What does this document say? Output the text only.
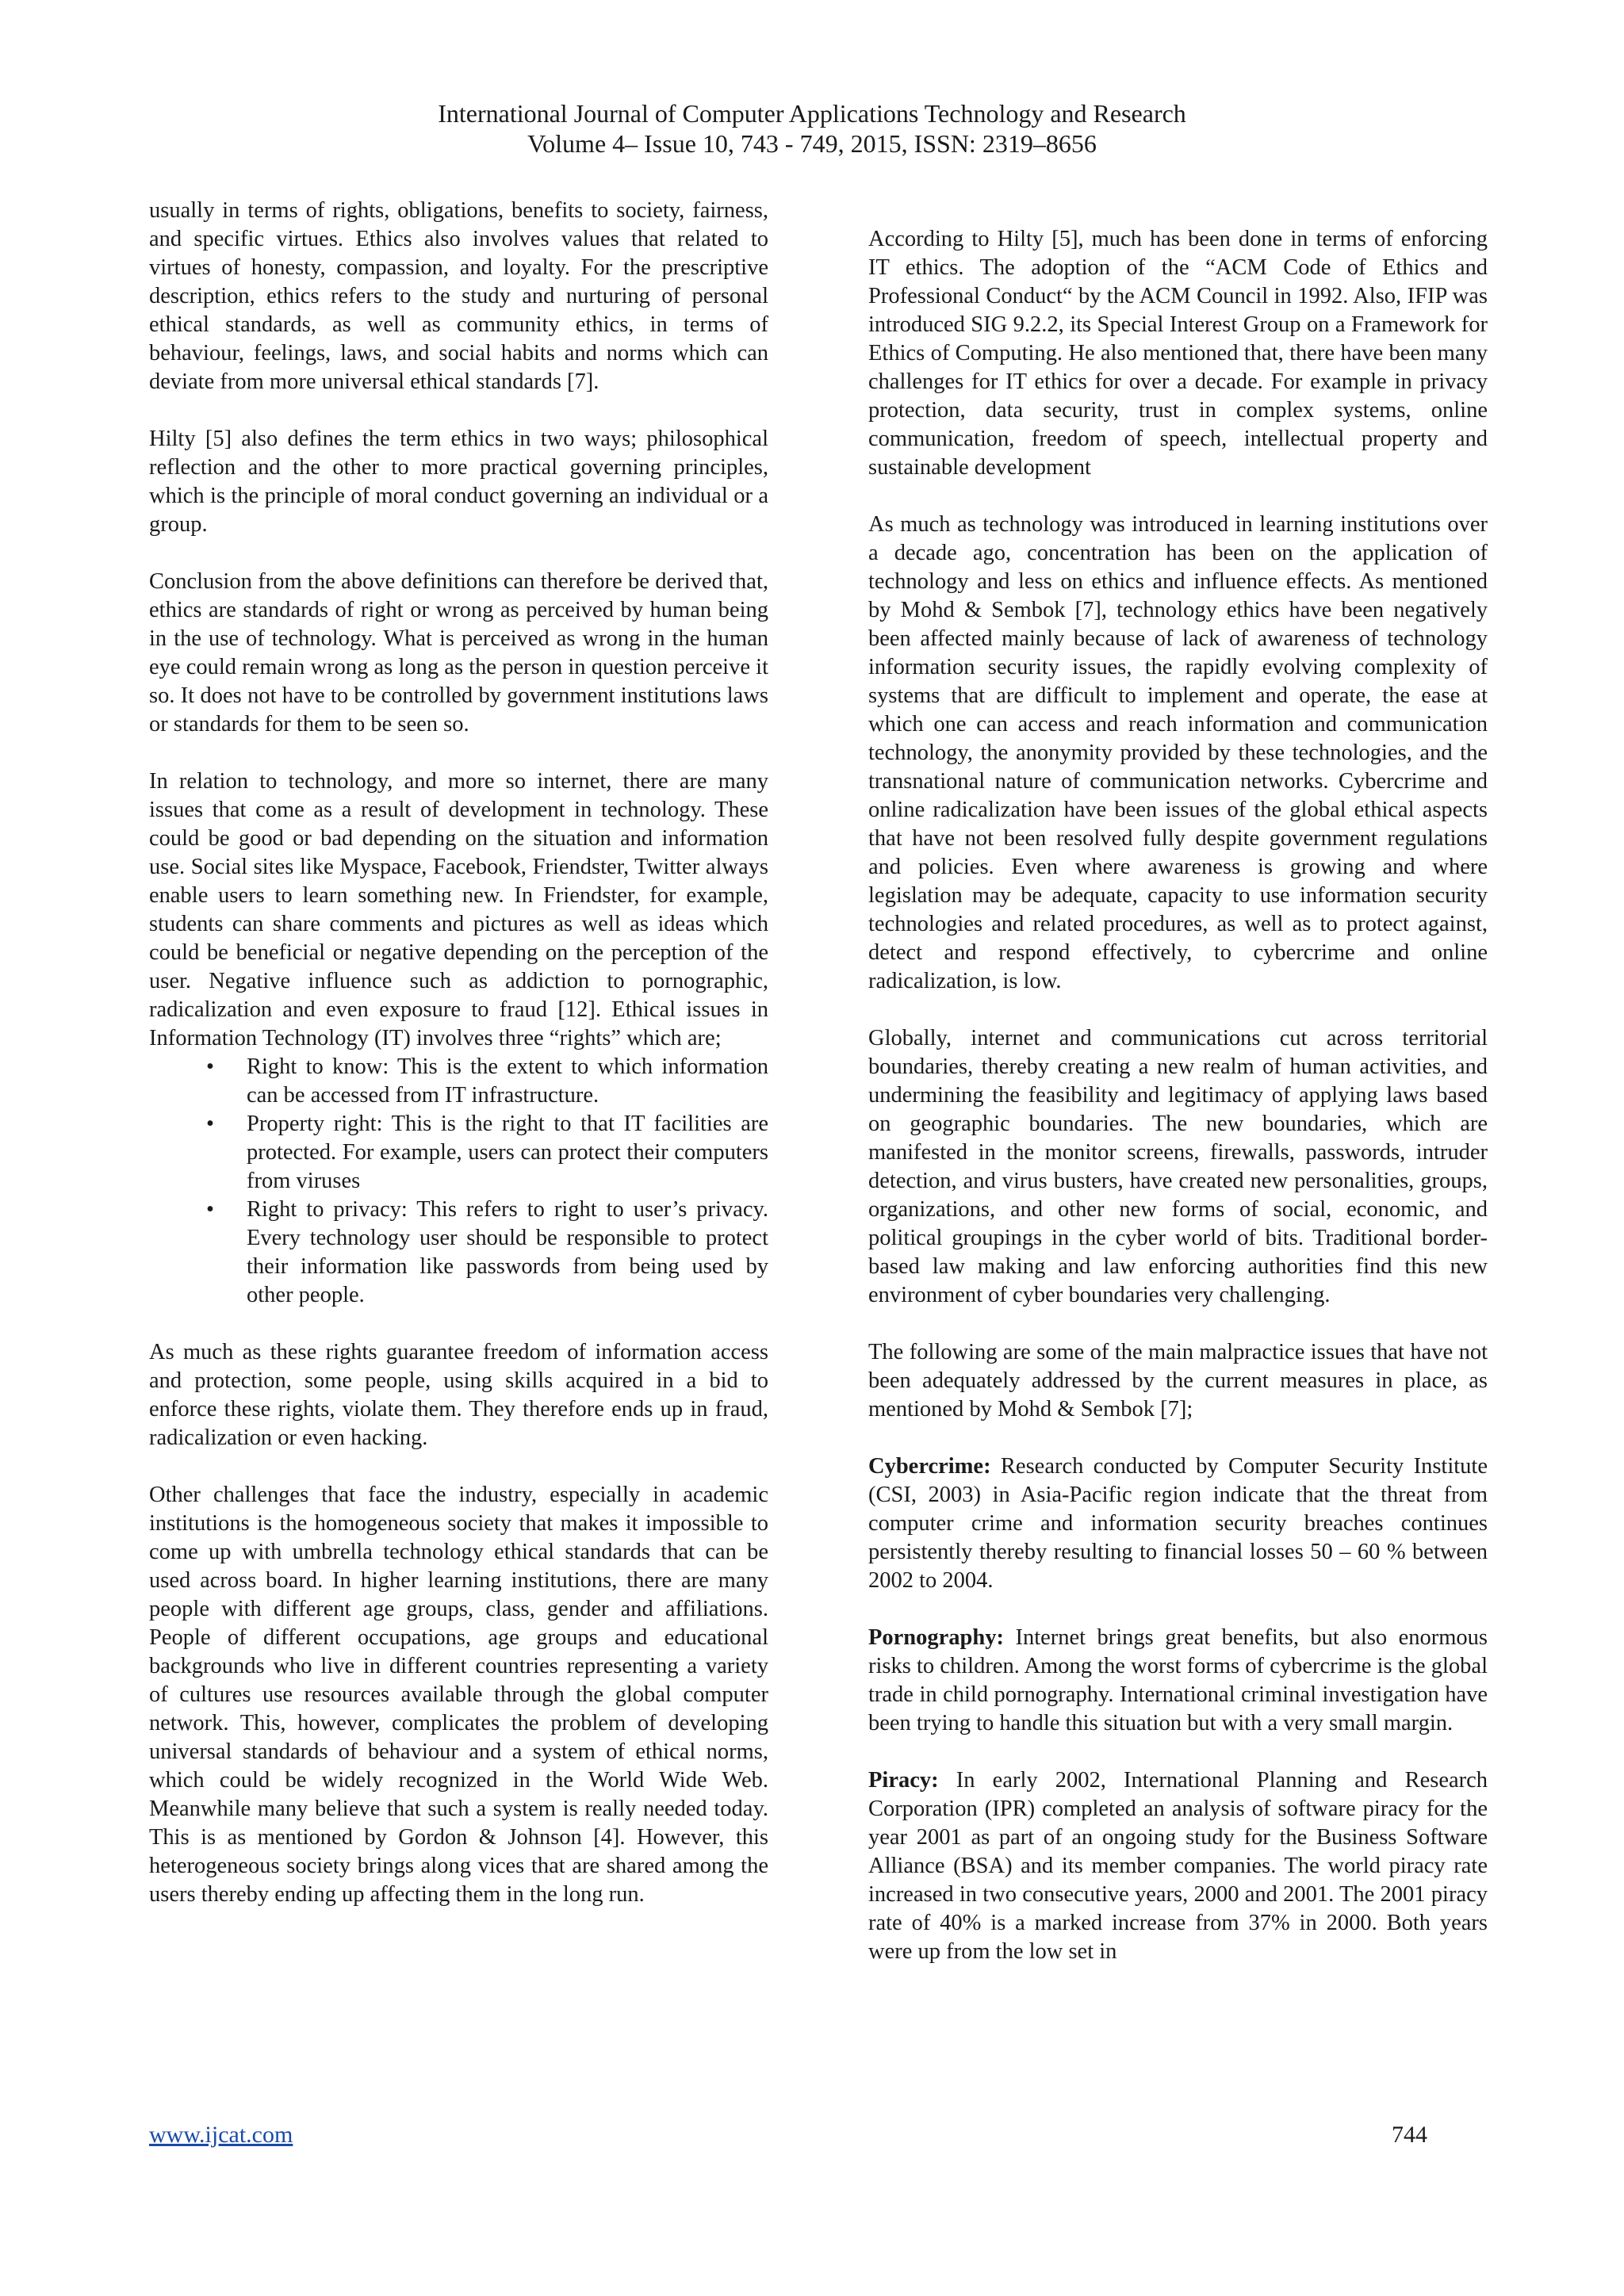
International Journal of Computer Applications Technology and Research
Volume 4– Issue 10, 743 - 749, 2015, ISSN: 2319–8656

usually in terms of rights, obligations, benefits to society, fairness, and specific virtues. Ethics also involves values that related to virtues of honesty, compassion, and loyalty. For the prescriptive description, ethics refers to the study and nurturing of personal ethical standards, as well as community ethics, in terms of behaviour, feelings, laws, and social habits and norms which can deviate from more universal ethical standards [7].

Hilty [5] also defines the term ethics in two ways; philosophical reflection and the other to more practical governing principles, which is the principle of moral conduct governing an individual or a group.

Conclusion from the above definitions can therefore be derived that, ethics are standards of right or wrong as perceived by human being in the use of technology. What is perceived as wrong in the human eye could remain wrong as long as the person in question perceive it so. It does not have to be controlled by government institutions laws or standards for them to be seen so.

In relation to technology, and more so internet, there are many issues that come as a result of development in technology. These could be good or bad depending on the situation and information use. Social sites like Myspace, Facebook, Friendster, Twitter always enable users to learn something new. In Friendster, for example, students can share comments and pictures as well as ideas which could be beneficial or negative depending on the perception of the user. Negative influence such as addiction to pornographic, radicalization and even exposure to fraud [12]. Ethical issues in Information Technology (IT) involves three “rights” which are;

• Right to know: This is the extent to which information can be accessed from IT infrastructure.
• Property right: This is the right to that IT facilities are protected. For example, users can protect their computers from viruses
• Right to privacy: This refers to right to user’s privacy. Every technology user should be responsible to protect their information like passwords from being used by other people.

As much as these rights guarantee freedom of information access and protection, some people, using skills acquired in a bid to enforce these rights, violate them. They therefore ends up in fraud, radicalization or even hacking.

Other challenges that face the industry, especially in academic institutions is the homogeneous society that makes it impossible to come up with umbrella technology ethical standards that can be used across board. In higher learning institutions, there are many people with different age groups, class, gender and affiliations. People of different occupations, age groups and educational backgrounds who live in different countries representing a variety of cultures use resources available through the global computer network. This, however, complicates the problem of developing universal standards of behaviour and a system of ethical norms, which could be widely recognized in the World Wide Web. Meanwhile many believe that such a system is really needed today. This is as mentioned by Gordon & Johnson [4]. However, this heterogeneous society brings along vices that are shared among the users thereby ending up affecting them in the long run.

According to Hilty [5], much has been done in terms of enforcing IT ethics. The adoption of the “ACM Code of Ethics and Professional Conduct“ by the ACM Council in 1992. Also, IFIP was introduced SIG 9.2.2, its Special Interest Group on a Framework for Ethics of Computing. He also mentioned that, there have been many challenges for IT ethics for over a decade. For example in privacy protection, data security, trust in complex systems, online communication, freedom of speech, intellectual property and sustainable development

As much as technology was introduced in learning institutions over a decade ago, concentration has been on the application of technology and less on ethics and influence effects. As mentioned by Mohd & Sembok [7], technology ethics have been negatively been affected mainly because of lack of awareness of technology information security issues, the rapidly evolving complexity of systems that are difficult to implement and operate, the ease at which one can access and reach information and communication technology, the anonymity provided by these technologies, and the transnational nature of communication networks. Cybercrime and online radicalization have been issues of the global ethical aspects that have not been resolved fully despite government regulations and policies. Even where awareness is growing and where legislation may be adequate, capacity to use information security technologies and related procedures, as well as to protect against, detect and respond effectively, to cybercrime and online radicalization, is low.

Globally, internet and communications cut across territorial boundaries, thereby creating a new realm of human activities, and undermining the feasibility and legitimacy of applying laws based on geographic boundaries. The new boundaries, which are manifested in the monitor screens, firewalls, passwords, intruder detection, and virus busters, have created new personalities, groups, organizations, and other new forms of social, economic, and political groupings in the cyber world of bits. Traditional border-based law making and law enforcing authorities find this new environment of cyber boundaries very challenging.

The following are some of the main malpractice issues that have not been adequately addressed by the current measures in place, as mentioned by Mohd & Sembok [7];

Cybercrime: Research conducted by Computer Security Institute (CSI, 2003) in Asia-Pacific region indicate that the threat from computer crime and information security breaches continues persistently thereby resulting to financial losses 50 – 60 % between 2002 to 2004.

Pornography: Internet brings great benefits, but also enormous risks to children. Among the worst forms of cybercrime is the global trade in child pornography. International criminal investigation have been trying to handle this situation but with a very small margin.

Piracy: In early 2002, International Planning and Research Corporation (IPR) completed an analysis of software piracy for the year 2001 as part of an ongoing study for the Business Software Alliance (BSA) and its member companies. The world piracy rate increased in two consecutive years, 2000 and 2001. The 2001 piracy rate of 40% is a marked increase from 37% in 2000. Both years were up from the low set in

www.ijcat.com	744
